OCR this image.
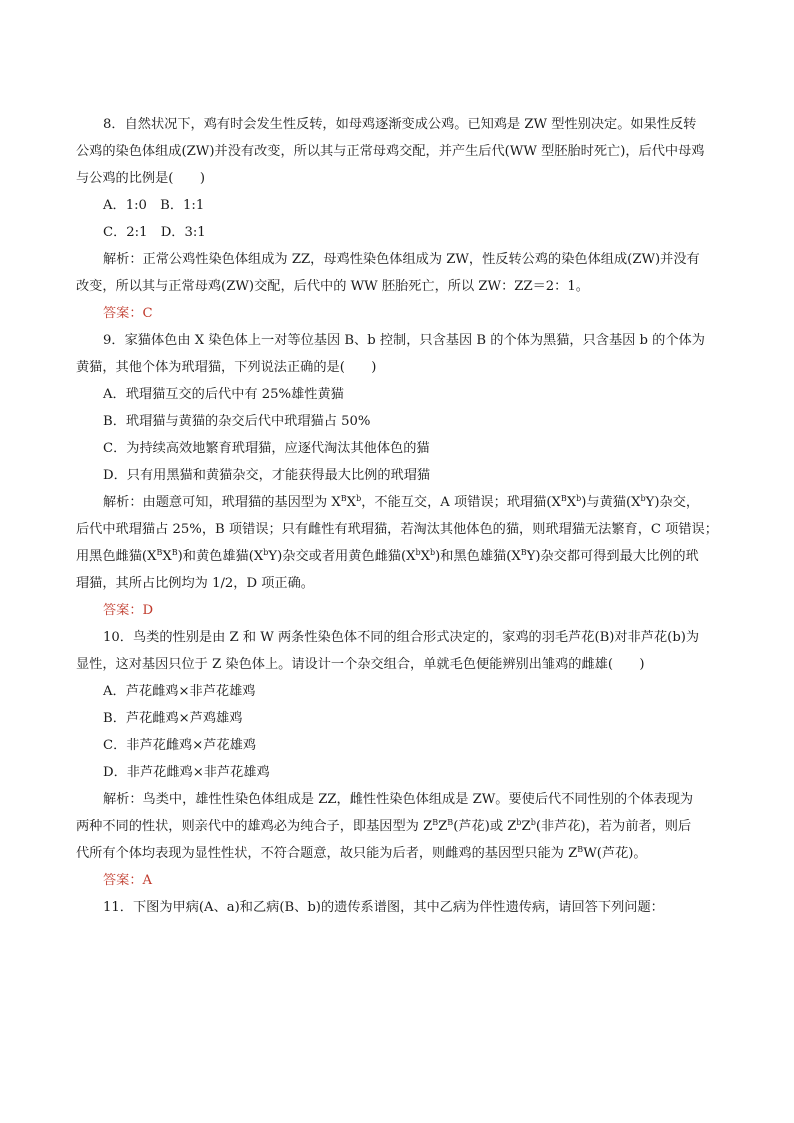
8．自然状况下，鸡有时会发生性反转，如母鸡逐渐变成公鸡。已知鸡是 ZW 型性别决定。如果性反转
公鸡的染色体组成(ZW)并没有改变，所以其与正常母鸡交配，并产生后代(WW 型胚胎时死亡)，后代中母鸡
与公鸡的比例是(　　)
A．1:0　B．1:1
C．2:1　D．3:1
解析：正常公鸡性染色体组成为 ZZ，母鸡性染色体组成为 ZW，性反转公鸡的染色体组成(ZW)并没有
改变，所以其与正常母鸡(ZW)交配，后代中的 WW 胚胎死亡，所以 ZW：ZZ＝2：1。
答案：C
9．家猫体色由 X 染色体上一对等位基因 B、b 控制，只含基因 B 的个体为黑猫，只含基因 b 的个体为
黄猫，其他个体为玳瑁猫，下列说法正确的是(　　)
A．玳瑁猫互交的后代中有 25%雄性黄猫
B．玳瑁猫与黄猫的杂交后代中玳瑁猫占 50%
C．为持续高效地繁育玳瑁猫，应逐代淘汰其他体色的猫
D．只有用黑猫和黄猫杂交，才能获得最大比例的玳瑁猫
解析：由题意可知，玳瑁猫的基因型为 $X^BX^b$，不能互交，A 项错误；玳瑁猫$(X^BX^b)$与黄猫$(X^bY)$杂交，
后代中玳瑁猫占 25%，B 项错误；只有雌性有玳瑁猫，若淘汰其他体色的猫，则玳瑁猫无法繁育，C 项错误；
用黑色雌猫$(X^BX^B)$和黄色雄猫$(X^bY)$杂交或者用黄色雌猫$(X^bX^b)$和黑色雄猫$(X^BY)$杂交都可得到最大比例的玳
瑁猫，其所占比例均为 1/2，D 项正确。
答案：D
10．鸟类的性别是由 Z 和 W 两条性染色体不同的组合形式决定的，家鸡的羽毛芦花(B)对非芦花(b)为
显性，这对基因只位于 Z 染色体上。请设计一个杂交组合，单就毛色便能辨别出雏鸡的雌雄(　　)
A．芦花雌鸡×非芦花雄鸡
B．芦花雌鸡×芦鸡雄鸡
C．非芦花雌鸡×芦花雄鸡
D．非芦花雌鸡×非芦花雄鸡
解析：鸟类中，雄性性染色体组成是 ZZ，雌性性染色体组成是 ZW。要使后代不同性别的个体表现为
两种不同的性状，则亲代中的雄鸡必为纯合子，即基因型为 $Z^BZ^B$(芦花)或 $Z^bZ^b$(非芦花)，若为前者，则后
代所有个体均表现为显性性状，不符合题意，故只能为后者，则雌鸡的基因型只能为 $Z^BW$(芦花)。
答案：A
11．下图为甲病(A、a)和乙病(B、b)的遗传系谱图，其中乙病为伴性遗传病，请回答下列问题：
